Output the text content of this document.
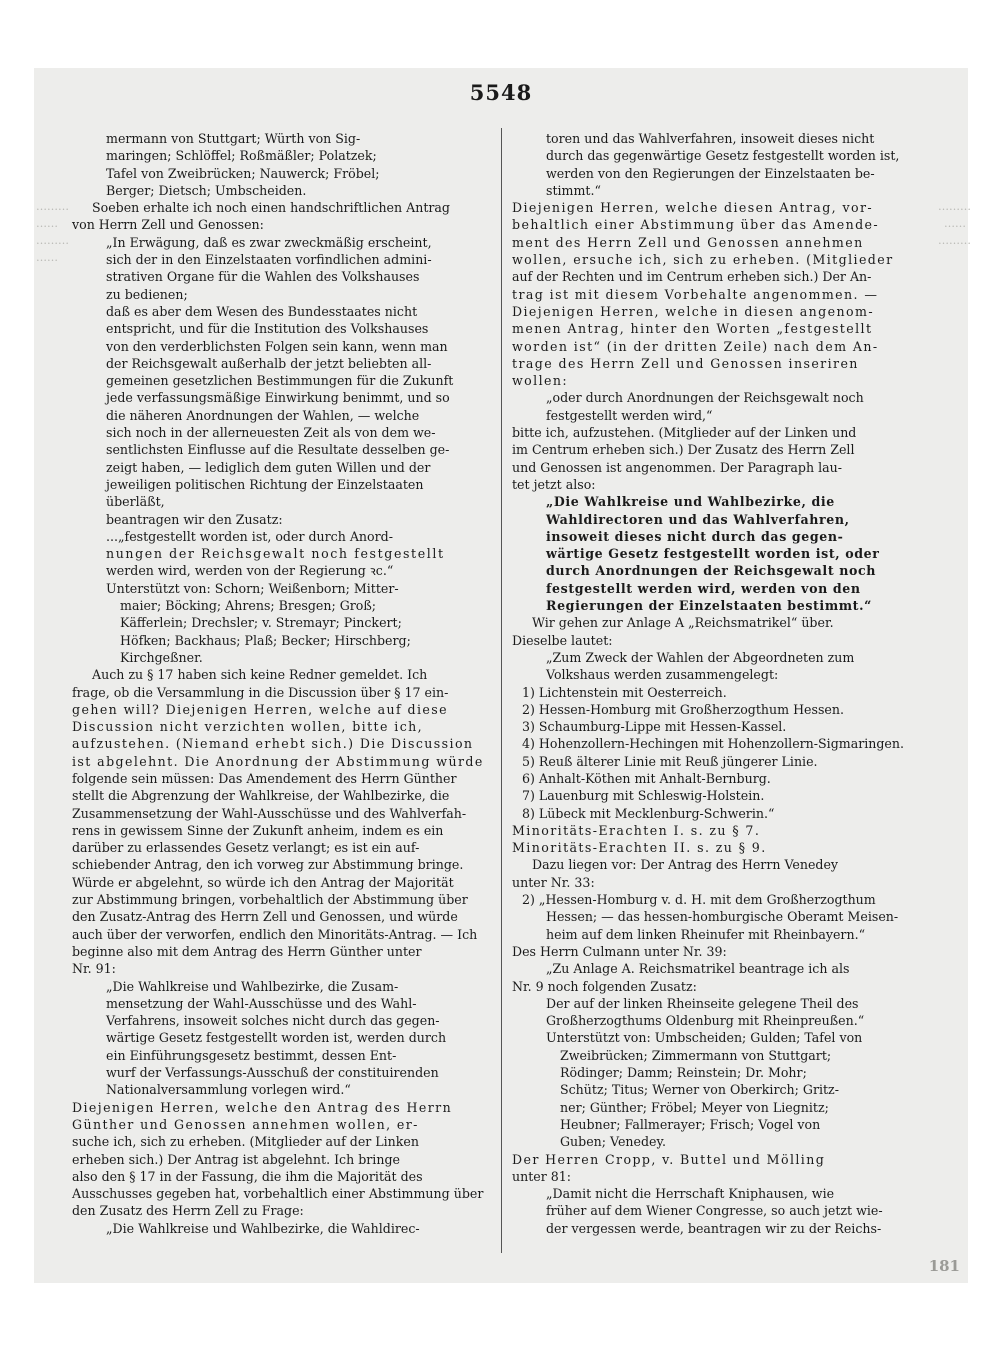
………
……
………
……
………
……
………
5548

mermann von Stuttgart; Würth von Sig-

maringen; Schlöffel; Roßmäßler; Polatzek;

Tafel von Zweibrücken; Nauwerck; Fröbel;

Berger; Dietsch; Umbscheiden.

Soeben erhalte ich noch einen handschriftlichen Antrag

von Herrn Zell und Genossen:

„In Erwägung, daß es zwar zweckmäßig erscheint,

sich der in den Einzelstaaten vorfindlichen admini-

strativen Organe für die Wahlen des Volkshauses

zu bedienen;

daß es aber dem Wesen des Bundesstaates nicht

entspricht, und für die Institution des Volkshauses

von den verderblichsten Folgen sein kann, wenn man

der Reichsgewalt außerhalb der jetzt beliebten all-

gemeinen gesetzlichen Bestimmungen für die Zukunft

jede verfassungsmäßige Einwirkung benimmt, und so

die näheren Anordnungen der Wahlen, — welche

sich noch in der allerneuesten Zeit als von dem we-

sentlichsten Einflusse auf die Resultate desselben ge-

zeigt haben, — lediglich dem guten Willen und der

jeweiligen politischen Richtung der Einzelstaaten

überläßt,

beantragen wir den Zusatz:

...„festgestellt worden ist, oder durch Anord-

nungen der Reichsgewalt noch festgestellt

werden wird, werden von der Regierung ꝛc.“

Unterstützt von: Schorn; Weißenborn; Mitter-

maier; Böcking; Ahrens; Bresgen; Groß;

Käfferlein; Drechsler; v. Stremayr; Pinckert;

Höfken; Backhaus; Plaß; Becker; Hirschberg;

Kirchgeßner.

Auch zu § 17 haben sich keine Redner gemeldet. Ich

frage, ob die Versammlung in die Discussion über § 17 ein-

gehen will? Diejenigen Herren, welche auf diese

Discussion nicht verzichten wollen, bitte ich,

aufzustehen. (Niemand erhebt sich.) Die Discussion

ist abgelehnt. Die Anordnung der Abstimmung würde

folgende sein müssen: Das Amendement des Herrn Günther

stellt die Abgrenzung der Wahlkreise, der Wahlbezirke, die

Zusammensetzung der Wahl-Ausschüsse und des Wahlverfah-

rens in gewissem Sinne der Zukunft anheim, indem es ein

darüber zu erlassendes Gesetz verlangt; es ist ein auf-

schiebender Antrag, den ich vorweg zur Abstimmung bringe.

Würde er abgelehnt, so würde ich den Antrag der Majorität

zur Abstimmung bringen, vorbehaltlich der Abstimmung über

den Zusatz-Antrag des Herrn Zell und Genossen, und würde

auch über der verworfen, endlich den Minoritäts-Antrag. — Ich

beginne also mit dem Antrag des Herrn Günther unter

Nr. 91:

„Die Wahlkreise und Wahlbezirke, die Zusam-

mensetzung der Wahl-Ausschüsse und des Wahl-

Verfahrens, insoweit solches nicht durch das gegen-

wärtige Gesetz festgestellt worden ist, werden durch

ein Einführungsgesetz bestimmt, dessen Ent-

wurf der Verfassungs-Ausschuß der constituirenden

Nationalversammlung vorlegen wird.“

Diejenigen Herren, welche den Antrag des Herrn

Günther und Genossen annehmen wollen, er-

suche ich, sich zu erheben. (Mitglieder auf der Linken

erheben sich.) Der Antrag ist abgelehnt. Ich bringe

also den § 17 in der Fassung, die ihm die Majorität des

Ausschusses gegeben hat, vorbehaltlich einer Abstimmung über

den Zusatz des Herrn Zell zu Frage:

„Die Wahlkreise und Wahlbezirke, die Wahldirec-

toren und das Wahlverfahren, insoweit dieses nicht

durch das gegenwärtige Gesetz festgestellt worden ist,

werden von den Regierungen der Einzelstaaten be-

stimmt.“

Diejenigen Herren, welche diesen Antrag, vor-

behaltlich einer Abstimmung über das Amende-

ment des Herrn Zell und Genossen annehmen

wollen, ersuche ich, sich zu erheben. (Mitglieder

auf der Rechten und im Centrum erheben sich.) Der An-

trag ist mit diesem Vorbehalte angenommen. —

Diejenigen Herren, welche in diesen angenom-

menen Antrag, hinter den Worten „festgestellt

worden ist“ (in der dritten Zeile) nach dem An-

trage des Herrn Zell und Genossen inseriren

wollen:

„oder durch Anordnungen der Reichsgewalt noch

festgestellt werden wird,“

bitte ich, aufzustehen. (Mitglieder auf der Linken und

im Centrum erheben sich.) Der Zusatz des Herrn Zell

und Genossen ist angenommen. Der Paragraph lau-

tet jetzt also:

„Die Wahlkreise und Wahlbezirke, die

Wahldirectoren und das Wahlverfahren,

insoweit dieses nicht durch das gegen-

wärtige Gesetz festgestellt worden ist, oder

durch Anordnungen der Reichsgewalt noch

festgestellt werden wird, werden von den

Regierungen der Einzelstaaten bestimmt.“

Wir gehen zur Anlage A „Reichsmatrikel“ über.

Dieselbe lautet:

„Zum Zweck der Wahlen der Abgeordneten zum

Volkshaus werden zusammengelegt:

1) Lichtenstein mit Oesterreich.

2) Hessen-Homburg mit Großherzogthum Hessen.

3) Schaumburg-Lippe mit Hessen-Kassel.

4) Hohenzollern-Hechingen mit Hohenzollern-Sigmaringen.

5) Reuß älterer Linie mit Reuß jüngerer Linie.

6) Anhalt-Köthen mit Anhalt-Bernburg.

7) Lauenburg mit Schleswig-Holstein.

8) Lübeck mit Mecklenburg-Schwerin.“

Minoritäts-Erachten I. s. zu § 7.

Minoritäts-Erachten II. s. zu § 9.

Dazu liegen vor: Der Antrag des Herrn Venedey

unter Nr. 33:

2) „Hessen-Homburg v. d. H. mit dem Großherzogthum

Hessen; — das hessen-homburgische Oberamt Meisen-

heim auf dem linken Rheinufer mit Rheinbayern.“

Des Herrn Culmann unter Nr. 39:

„Zu Anlage A. Reichsmatrikel beantrage ich als

Nr. 9 noch folgenden Zusatz:

Der auf der linken Rheinseite gelegene Theil des

Großherzogthums Oldenburg mit Rheinpreußen.“

Unterstützt von: Umbscheiden; Gulden; Tafel von

Zweibrücken; Zimmermann von Stuttgart;

Rödinger; Damm; Reinstein; Dr. Mohr;

Schütz; Titus; Werner von Oberkirch; Gritz-

ner; Günther; Fröbel; Meyer von Liegnitz;

Heubner; Fallmerayer; Frisch; Vogel von

Guben; Venedey.

Der Herren Cropp, v. Buttel und Mölling

unter 81:

„Damit nicht die Herrschaft Kniphausen, wie

früher auf dem Wiener Congresse, so auch jetzt wie-

der vergessen werde, beantragen wir zu der Reichs-

181
